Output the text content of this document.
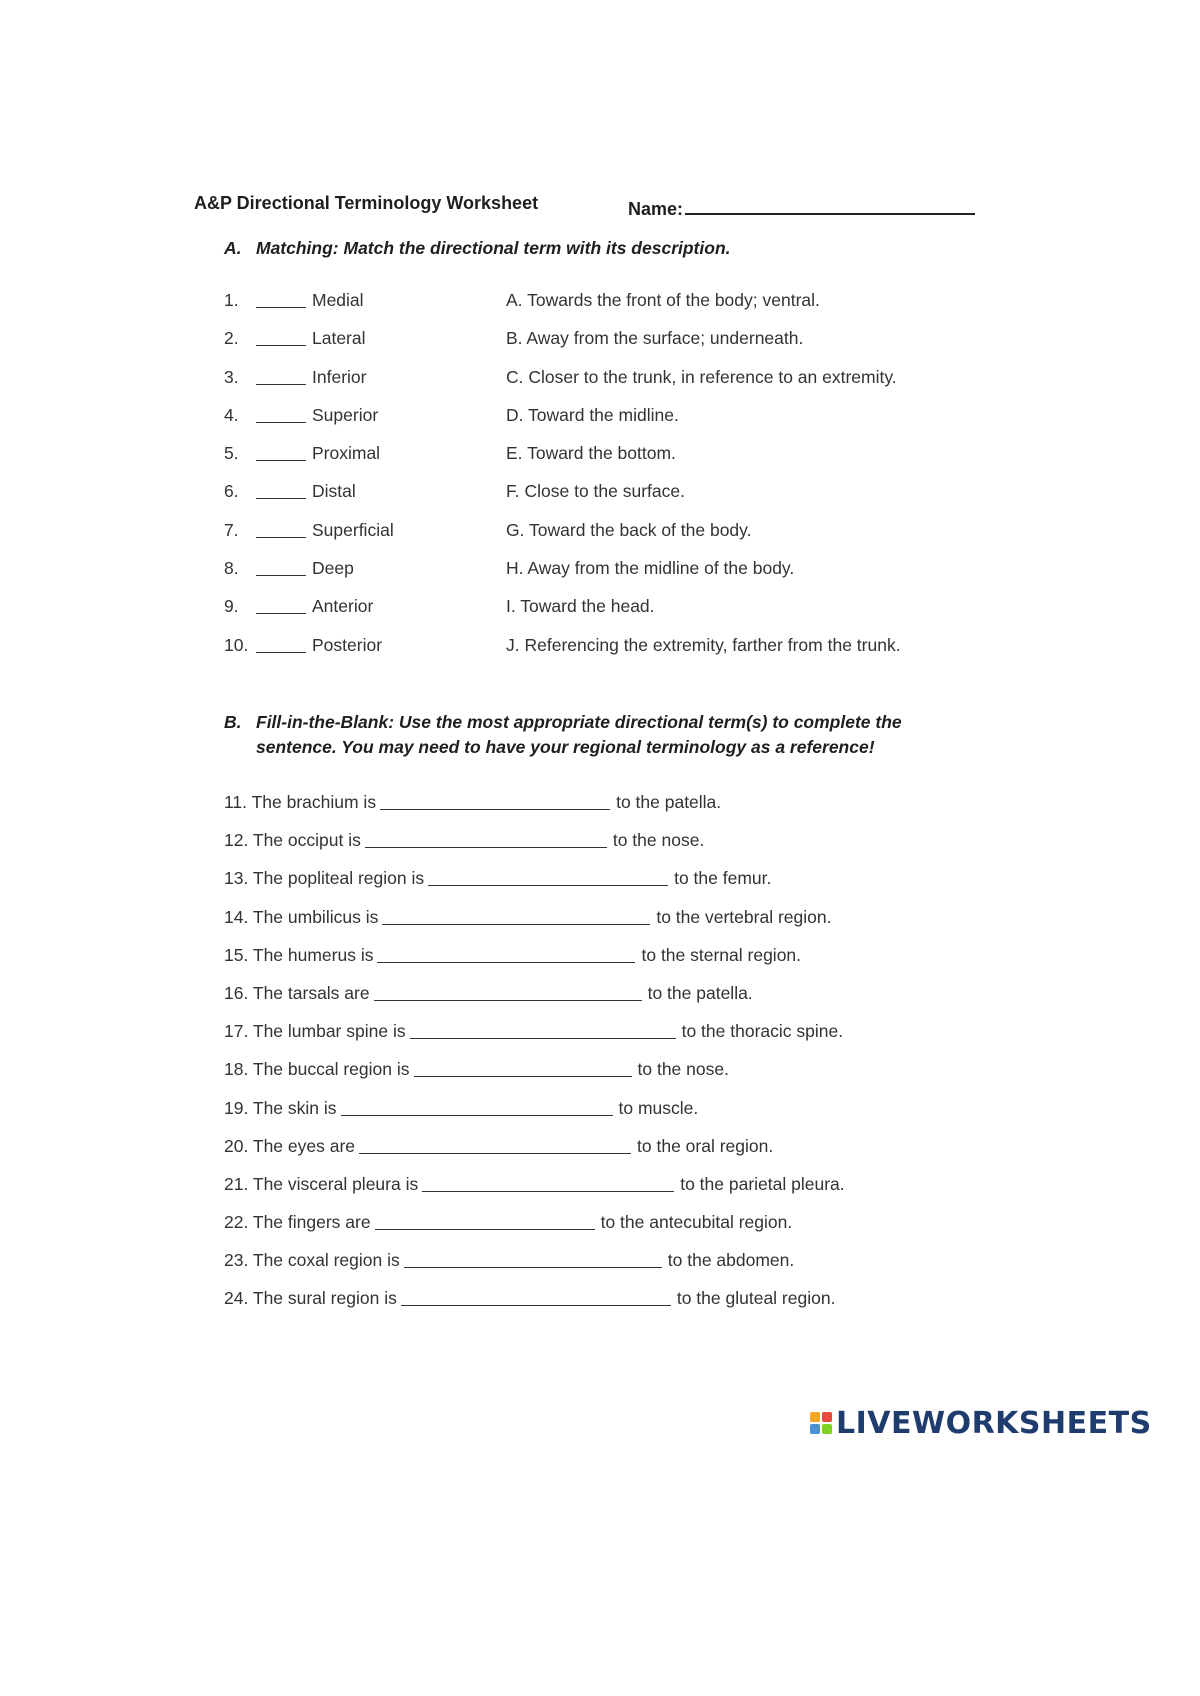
A&P Directional Terminology Worksheet	Name:
A. Matching: Match the directional term with its description.
1.	Medial	A. Towards the front of the body; ventral.
2.	Lateral	B. Away from the surface; underneath.
3.	Inferior	C. Closer to the trunk, in reference to an extremity.
4.	Superior	D. Toward the midline.
5.	Proximal	E. Toward the bottom.
6.	Distal	F. Close to the surface.
7.	Superficial	G. Toward the back of the body.
8.	Deep	H. Away from the midline of the body.
9.	Anterior	I. Toward the head.
10.	Posterior	J. Referencing the extremity, farther from the trunk.
B. Fill-in-the-Blank: Use the most appropriate directional term(s) to complete the
sentence. You may need to have your regional terminology as a reference!
11. The brachium is	to the patella.
12. The occiput is	to the nose.
13. The popliteal region is	to the femur.
14. The umbilicus is	to the vertebral region.
15. The humerus is	to the sternal region.
16. The tarsals are	to the patella.
17. The lumbar spine is	to the thoracic spine.
18. The buccal region is	to the nose.
19. The skin is	to muscle.
20. The eyes are	to the oral region.
21. The visceral pleura is	to the parietal pleura.
22. The fingers are	to the antecubital region.
23. The coxal region is	to the abdomen.
24. The sural region is	to the gluteal region.
LIVEWORKSHEETS
